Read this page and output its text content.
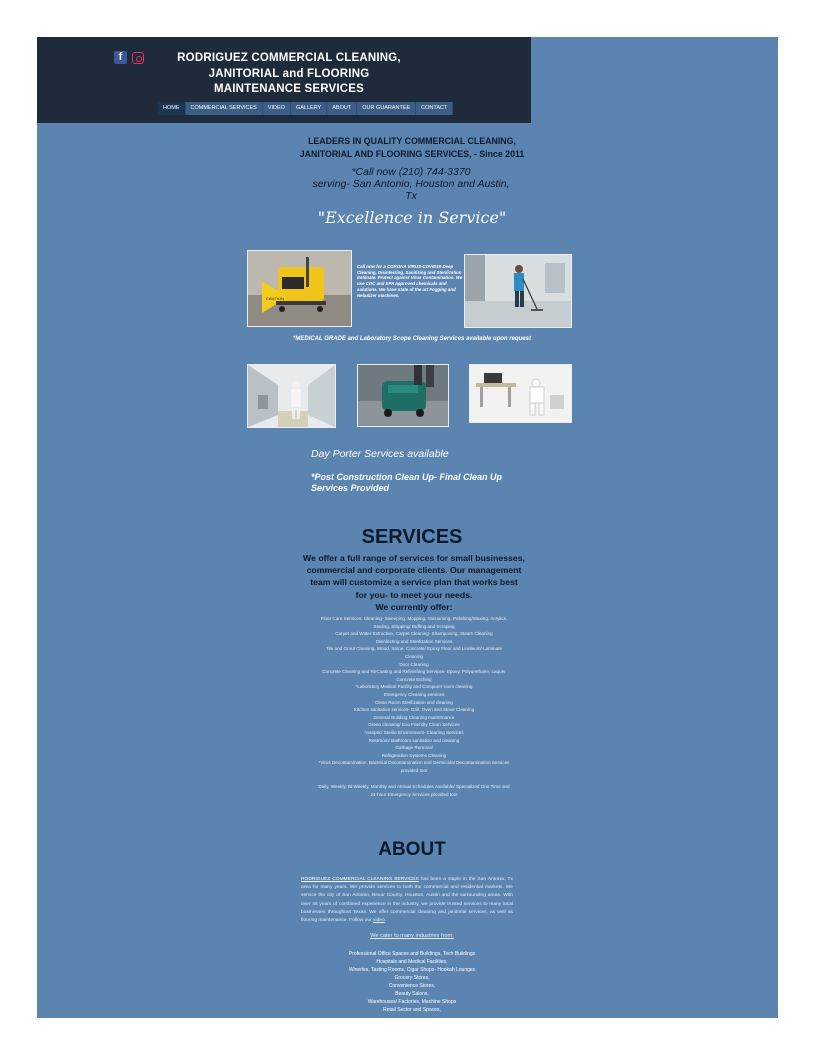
f	RODRIGUEZ COMMERCIAL CLEANING,
JANITORIAL and FLOORING
MAINTENANCE SERVICES
HOME	COMMERCIAL SERVICES	VIDEO	GALLERY	ABOUT	OUR GUARANTEE	CONTACT
LEADERS IN QUALITY COMMERCIAL CLEANING,
JANITORIAL AND FLOORING SERVICES, - Since 2011
*Call now (210) 744-3370
serving- San Antonio, Houston and Austin,
Tx
"Excellence in Service"
CAUTION
Call now for a CORONA VIRUS-COVID19 Deep Cleaning, Disinfecting, Sanitizing and Sterilization Estimate. Protect against Virus Contamination. We use CDC and EPA approved chemicals and solutions. We have state of the art Fogging and Nebulizer machines.
*MEDICAL GRADE and Laboratory Scope Cleaning Services available upon request
Day Porter Services available
*Post Construction Clean Up- Final Clean Up
Services Provided
SERVICES
We offer a full range of services for small businesses,
commercial and corporate clients. Our management
team will customize a service plan that works best
for you- to meet your needs.
We currently offer:
Floor Care Services: Cleaning- Sweeping, Mopping, Vacuuming, Polishing/Waxing, Acrylics,
Sealing, Stripping/ Buffing and Scraping
Carpet and Water Extraction, Carpet Cleaning- Shampooing, Steam Cleaning
Disinfecting and Sterilization Services
Tile and Grout Cleaning, Wood, Stone, Concrete/ Epoxy Floor and Linoleum/ Laminate
Cleaning
Door Cleaning
Concrete Cleaning and ReCoating and Refinishing Services- Epoxy, Polyurethane, Laquer
Concrete Etching
*Laboratory Medical Facility and Computer room cleaning
Emergency Cleaning services
Clean Room Sterilization and cleaning
Kitchen sanitation services- Grill, Oven and Stove Cleaning
General Building Cleaning maintenance
Green cleaning/ Eco Friendly Clean Services
*Aseptic/ Sterile Environment- Cleaning Services
Restroom/ Bathroom sanitation and cleaning
Garbage Removal
Refrigeration Systems Cleaning
*Virus Decontamination, Bacterial Decontamination and Germicidal Decontamination Services
provided too!
Daily, Weekly, Bi-Weekly, Monthly and Annual Schedules Available/ Specialized One Time and
24-hour Emergency Services provided too!
ABOUT
RODRIGUEZ COMMERCIAL CLEANING SERVICES has been a staple in the San Antonio, Tx area for many years. We provide services to both the commercial and residential markets. We service the city of San Antonio, Bexar County, Houston, Austin and the surrounding areas. With over 45 years of combined experience in the industry, we provide trusted services to many local businesses throughout Texas. We offer commercial cleaning and janitorial services, as well as flooring maintenance. Follow our video.
We cater to many industries from:
Professional Office Spaces and Buildings, Tech Buildings
Hospitals and Medical Facilities,
Wineries, Tasting Rooms, Cigar Shops- Hookah Lounges
Grocery Stores,
Convenience Stores,
Beauty Salons,
Warehouses/ Factories, Machine Shops
Retail Sector and Spaces,
